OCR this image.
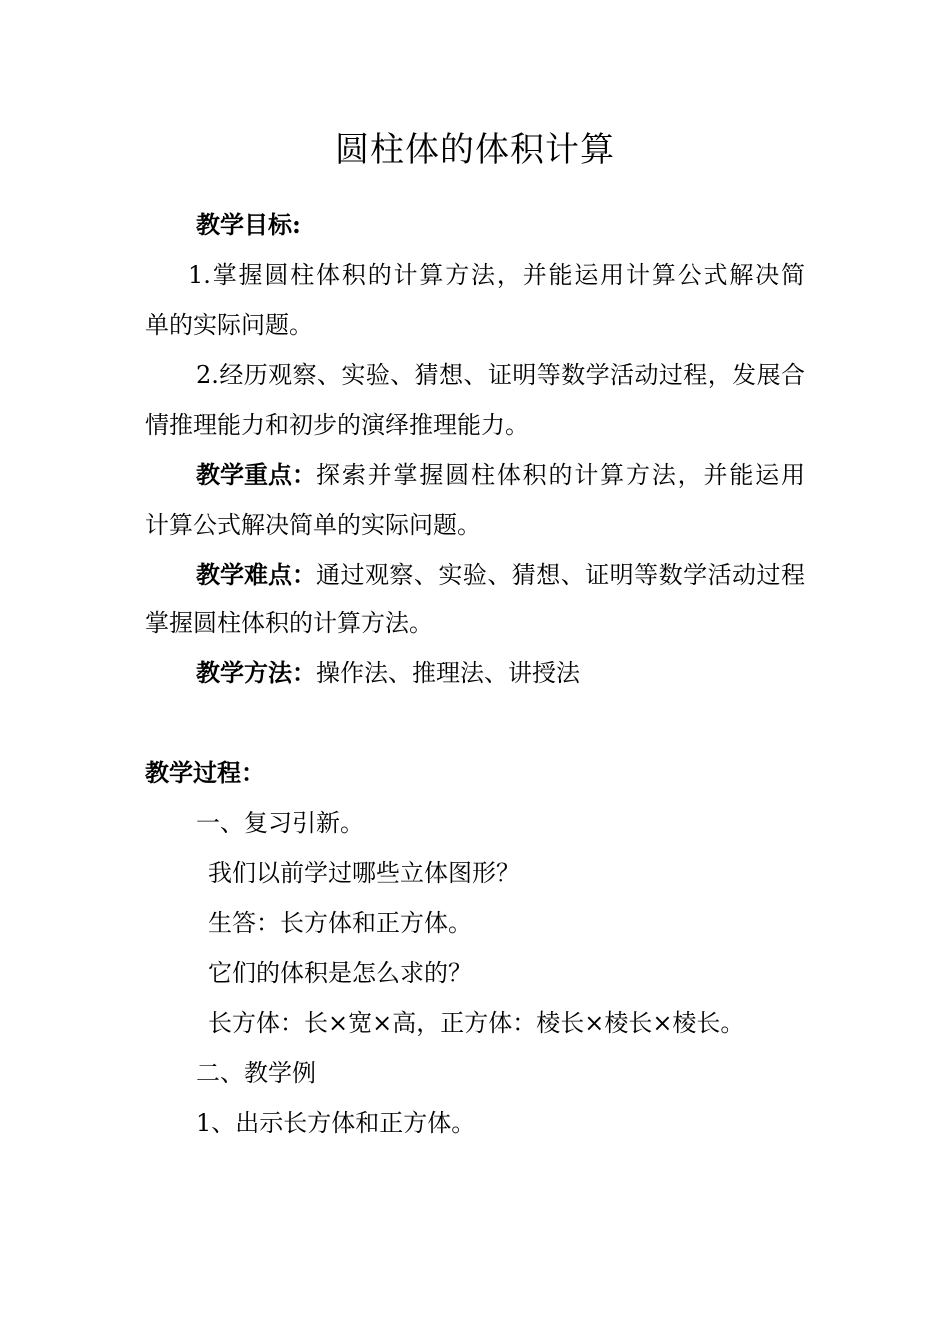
圆柱体的体积计算
教学目标:
1.掌握圆柱体积的计算方法，并能运用计算公式解决简
单的实际问题。
2.经历观察、实验、猜想、证明等数学活动过程，发展合
情推理能力和初步的演绎推理能力。
教学重点： 探索并掌握圆柱体积的计算方法，并能运用
计算公式解决简单的实际问题。
教学难点： 通过观察、实验、猜想、证明等数学活动过程
掌握圆柱体积的计算方法。
教学方法：操作法、推理法、讲授法
教学过程：
一、复习引新。
我们以前学过哪些立体图形？
生答：长方体和正方体。
它们的体积是怎么求的？
长方体：长×宽×高，正方体：棱长×棱长×棱长。
二、教学例
1、出示长方体和正方体。
